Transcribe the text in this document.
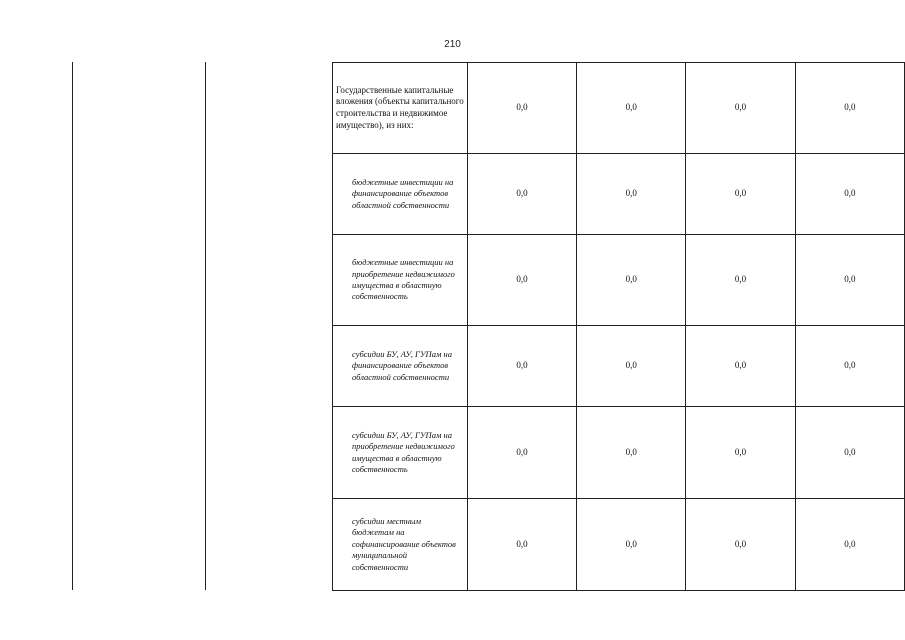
210
Государственные капитальные вложения (объекты капитального строительства и недвижимое имущество), из них:	0,0	0,0	0,0	0,0
бюджетные инвестиции на финансирование объектов областной собственности	0,0	0,0	0,0	0,0
бюджетные инвестиции на приобретение недвижимого имущества в областную собственность	0,0	0,0	0,0	0,0
субсидии БУ, АУ, ГУПам на финансирование объектов областной собственности	0,0	0,0	0,0	0,0
субсидии БУ, АУ, ГУПам на приобретение недвижимого имущества в областную собственность	0,0	0,0	0,0	0,0
субсидии местным бюджетам на софинансирование объектов муниципальной собственности	0,0	0,0	0,0	0,0
